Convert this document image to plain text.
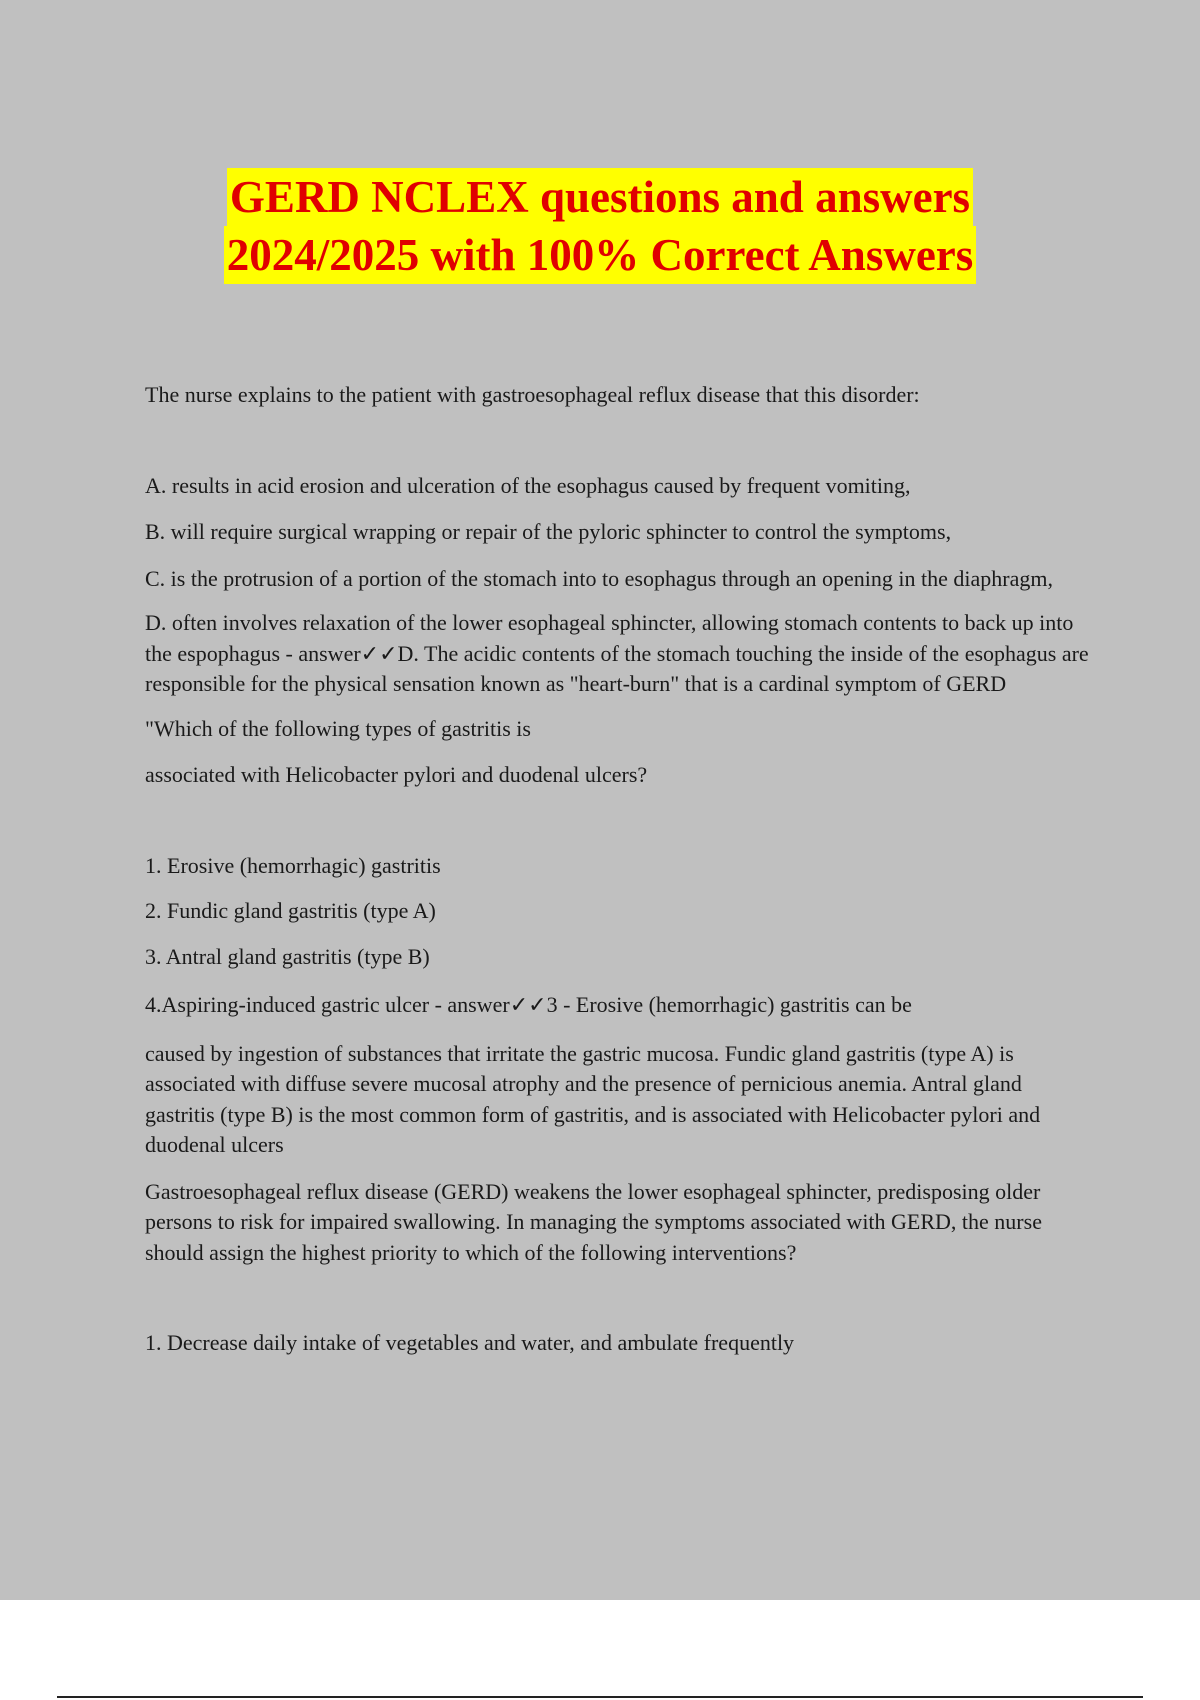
GERD NCLEX questions and answers
2024/2025 with 100% Correct Answers

The nurse explains to the patient with gastroesophageal reflux disease that this disorder:

A. results in acid erosion and ulceration of the esophagus caused by frequent vomiting,

B. will require surgical wrapping or repair of the pyloric sphincter to control the symptoms,

C. is the protrusion of a portion of the stomach into to esophagus through an opening in the diaphragm,

D. often involves relaxation of the lower esophageal sphincter, allowing stomach contents to back up into the espophagus - answer✓✓D. The acidic contents of the stomach touching the inside of the esophagus are responsible for the physical sensation known as "heart-burn" that is a cardinal symptom of GERD

"Which of the following types of gastritis is

associated with Helicobacter pylori and duodenal ulcers?

1. Erosive (hemorrhagic) gastritis

2. Fundic gland gastritis (type A)

3. Antral gland gastritis (type B)

4.Aspiring-induced gastric ulcer - answer✓✓3 - Erosive (hemorrhagic) gastritis can be

caused by ingestion of substances that irritate the gastric mucosa. Fundic gland gastritis (type A) is associated with diffuse severe mucosal atrophy and the presence of pernicious anemia. Antral gland gastritis (type B) is the most common form of gastritis, and is associated with Helicobacter pylori and duodenal ulcers

Gastroesophageal reflux disease (GERD) weakens the lower esophageal sphincter, predisposing older persons to risk for impaired swallowing. In managing the symptoms associated with GERD, the nurse should assign the highest priority to which of the following interventions?

1. Decrease daily intake of vegetables and water, and ambulate frequently
